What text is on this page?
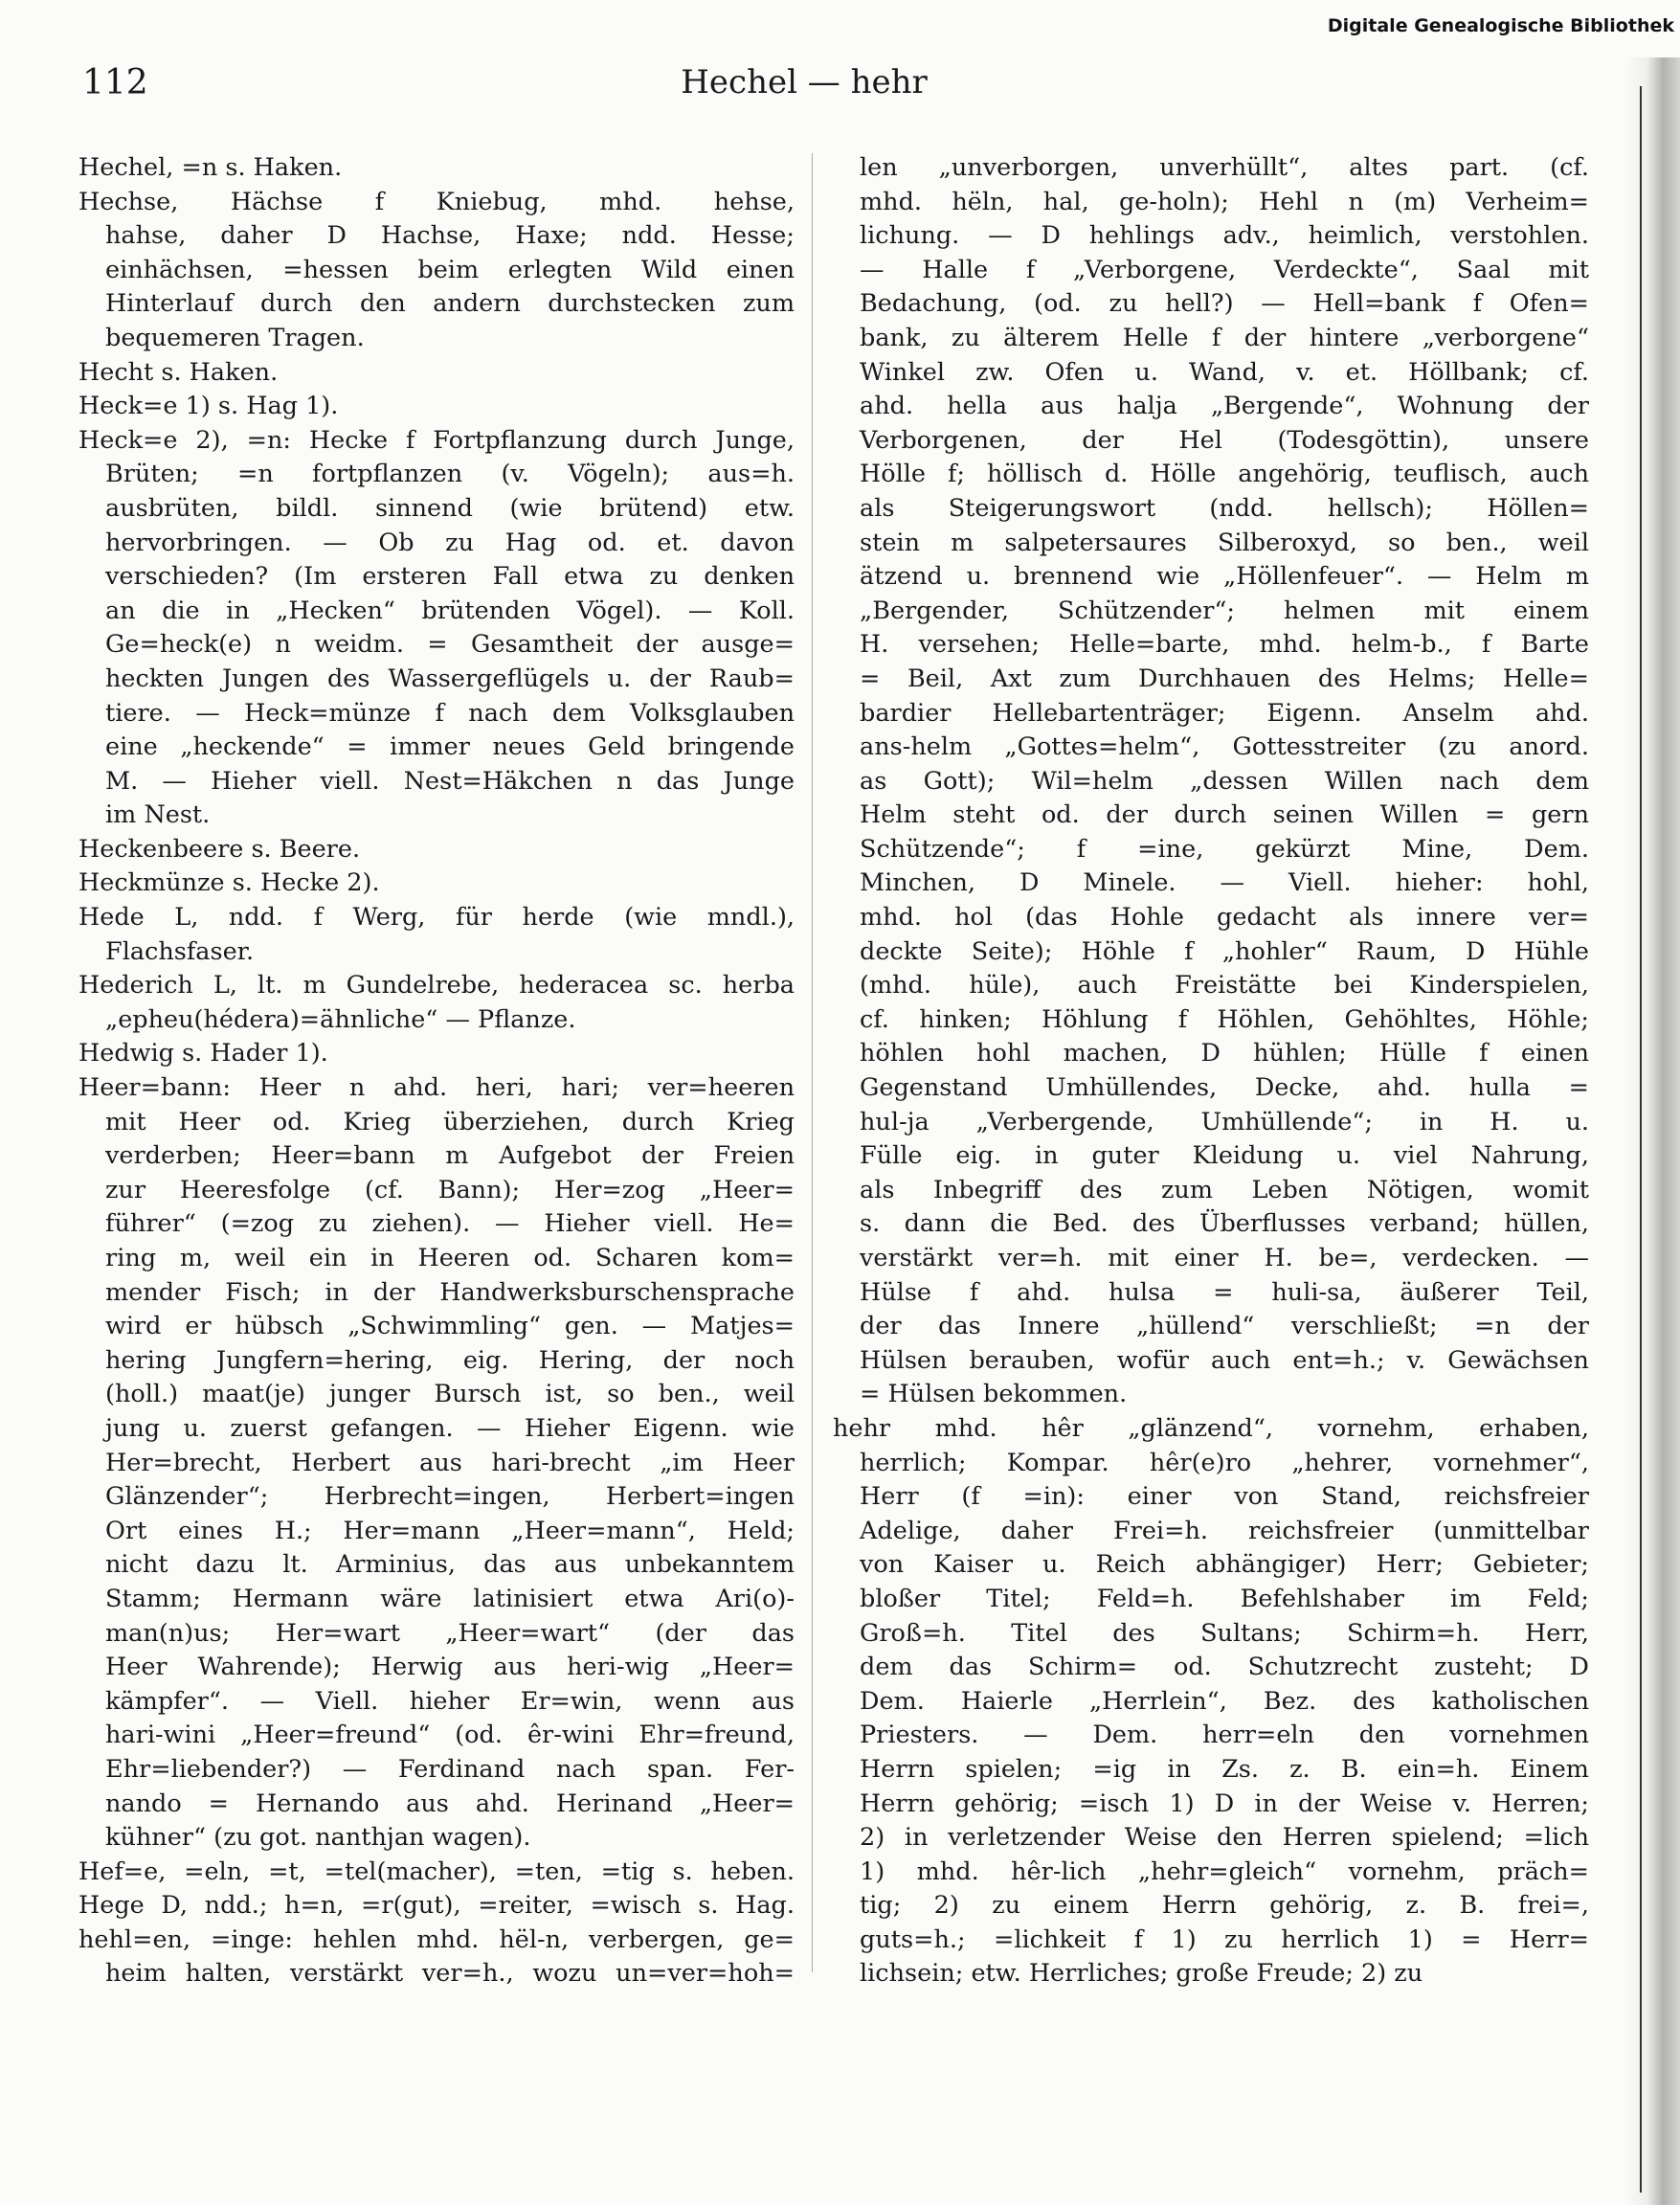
Digitale Genealogische Bibliothek
112	Hechel — hehr
Hechel, =n s. Haken.
Hechse, Hächse f Kniebug, mhd. hehse,
hahse, daher D Hachse, Haxe; ndd. Hesse;
einhächsen, =hessen beim erlegten Wild einen
Hinterlauf durch den andern durchstecken zum
bequemeren Tragen.
Hecht s. Haken.
Heck=e 1) s. Hag 1).
Heck=e 2), =n: Hecke f Fortpflanzung durch Junge,
Brüten; =n fortpflanzen (v. Vögeln); aus=h.
ausbrüten, bildl. sinnend (wie brütend) etw.
hervorbringen. — Ob zu Hag od. et. davon
verschieden? (Im ersteren Fall etwa zu denken
an die in „Hecken“ brütenden Vögel). — Koll.
Ge=heck(e) n weidm. = Gesamtheit der ausge=
heckten Jungen des Wassergeflügels u. der Raub=
tiere. — Heck=münze f nach dem Volksglauben
eine „heckende“ = immer neues Geld bringende
M. — Hieher viell. Nest=Häkchen n das Junge
im Nest.
Heckenbeere s. Beere.
Heckmünze s. Hecke 2).
Hede L, ndd. f Werg, für herde (wie mndl.),
Flachsfaser.
Hederich L, lt. m Gundelrebe, hederacea sc. herba
„epheu(hédera)=ähnliche“ — Pflanze.
Hedwig s. Hader 1).
Heer=bann: Heer n ahd. heri, hari; ver=heeren
mit Heer od. Krieg überziehen, durch Krieg
verderben; Heer=bann m Aufgebot der Freien
zur Heeresfolge (cf. Bann); Her=zog „Heer=
führer“ (=zog zu ziehen). — Hieher viell. He=
ring m, weil ein in Heeren od. Scharen kom=
mender Fisch; in der Handwerksburschensprache
wird er hübsch „Schwimmling“ gen. — Matjes=
hering Jungfern=hering, eig. Hering, der noch
(holl.) maat(je) junger Bursch ist, so ben., weil
jung u. zuerst gefangen. — Hieher Eigenn. wie
Her=brecht, Herbert aus hari-brecht „im Heer
Glänzender“; Herbrecht=ingen, Herbert=ingen
Ort eines H.; Her=mann „Heer=mann“, Held;
nicht dazu lt. Arminius, das aus unbekanntem
Stamm; Hermann wäre latinisiert etwa Ari(o)-
man(n)us; Her=wart „Heer=wart“ (der das
Heer Wahrende); Herwig aus heri-wig „Heer=
kämpfer“. — Viell. hieher Er=win, wenn aus
hari-wini „Heer=freund“ (od. êr-wini Ehr=freund,
Ehr=liebender?) — Ferdinand nach span. Fer-
nando = Hernando aus ahd. Herinand „Heer=
kühner“ (zu got. nanthjan wagen).
Hef=e, =eln, =t, =tel(macher), =ten, =tig s. heben.
Hege D, ndd.; h=n, =r(gut), =reiter, =wisch s. Hag.
hehl=en, =inge: hehlen mhd. hël-n, verbergen, ge=
heim halten, verstärkt ver=h., wozu un=ver=hoh=
len „unverborgen, unverhüllt“, altes part. (cf.
mhd. hëln, hal, ge-holn); Hehl n (m) Verheim=
lichung. — D hehlings adv., heimlich, verstohlen.
— Halle f „Verborgene, Verdeckte“, Saal mit
Bedachung, (od. zu hell?) — Hell=bank f Ofen=
bank, zu älterem Helle f der hintere „verborgene“
Winkel zw. Ofen u. Wand, v. et. Höllbank; cf.
ahd. hella aus halja „Bergende“, Wohnung der
Verborgenen, der Hel (Todesgöttin), unsere
Hölle f; höllisch d. Hölle angehörig, teuflisch, auch
als Steigerungswort (ndd. hellsch); Höllen=
stein m salpetersaures Silberoxyd, so ben., weil
ätzend u. brennend wie „Höllenfeuer“. — Helm m
„Bergender, Schützender“; helmen mit einem
H. versehen; Helle=barte, mhd. helm-b., f Barte
= Beil, Axt zum Durchhauen des Helms; Helle=
bardier Hellebartenträger; Eigenn. Anselm ahd.
ans-helm „Gottes=helm“, Gottesstreiter (zu anord.
as Gott); Wil=helm „dessen Willen nach dem
Helm steht od. der durch seinen Willen = gern
Schützende“; f =ine, gekürzt Mine, Dem.
Minchen, D Minele. — Viell. hieher: hohl,
mhd. hol (das Hohle gedacht als innere ver=
deckte Seite); Höhle f „hohler“ Raum, D Hühle
(mhd. hüle), auch Freistätte bei Kinderspielen,
cf. hinken; Höhlung f Höhlen, Gehöhltes, Höhle;
höhlen hohl machen, D hühlen; Hülle f einen
Gegenstand Umhüllendes, Decke, ahd. hulla =
hul-ja „Verbergende, Umhüllende“; in H. u.
Fülle eig. in guter Kleidung u. viel Nahrung,
als Inbegriff des zum Leben Nötigen, womit
s. dann die Bed. des Überflusses verband; hüllen,
verstärkt ver=h. mit einer H. be=, verdecken. —
Hülse f ahd. hulsa = huli-sa, äußerer Teil,
der das Innere „hüllend“ verschließt; =n der
Hülsen berauben, wofür auch ent=h.; v. Gewächsen
= Hülsen bekommen.
hehr mhd. hêr „glänzend“, vornehm, erhaben,
herrlich; Kompar. hêr(e)ro „hehrer, vornehmer“,
Herr (f =in): einer von Stand, reichsfreier
Adelige, daher Frei=h. reichsfreier (unmittelbar
von Kaiser u. Reich abhängiger) Herr; Gebieter;
bloßer Titel; Feld=h. Befehlshaber im Feld;
Groß=h. Titel des Sultans; Schirm=h. Herr,
dem das Schirm= od. Schutzrecht zusteht; D
Dem. Haierle „Herrlein“, Bez. des katholischen
Priesters. — Dem. herr=eln den vornehmen
Herrn spielen; =ig in Zs. z. B. ein=h. Einem
Herrn gehörig; =isch 1) D in der Weise v. Herren;
2) in verletzender Weise den Herren spielend; =lich
1) mhd. hêr-lich „hehr=gleich“ vornehm, präch=
tig; 2) zu einem Herrn gehörig, z. B. frei=,
guts=h.; =lichkeit f 1) zu herrlich 1) = Herr=
lichsein; etw. Herrliches; große Freude; 2) zu
